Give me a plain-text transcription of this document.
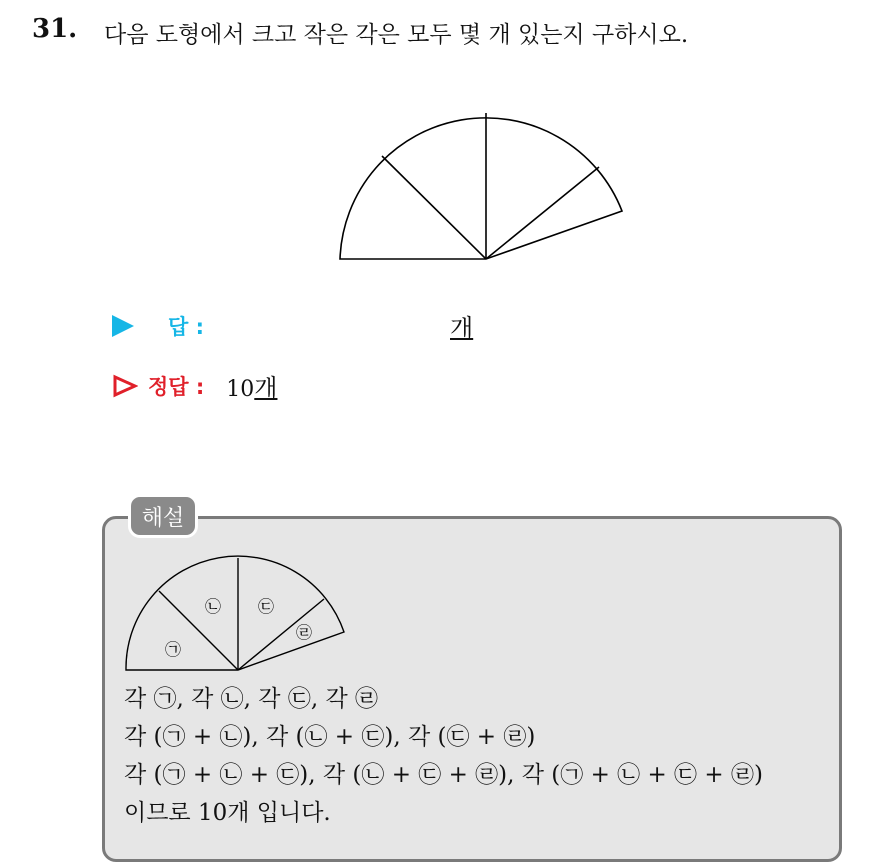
31. 다음 도형에서 크고 작은 각은 모두 몇 개 있는지 구하시오.
답 :	개
정답 : 10개
해설
㉠
㉡ ㉢
㉣
각 ㉠, 각 ㉡, 각 ㉢, 각 ㉣
각 (㉠ + ㉡), 각 (㉡ + ㉢), 각 (㉢ + ㉣)
각 (㉠ + ㉡ + ㉢), 각 (㉡ + ㉢ + ㉣), 각 (㉠ + ㉡ + ㉢ + ㉣)
이므로 10개 입니다.
